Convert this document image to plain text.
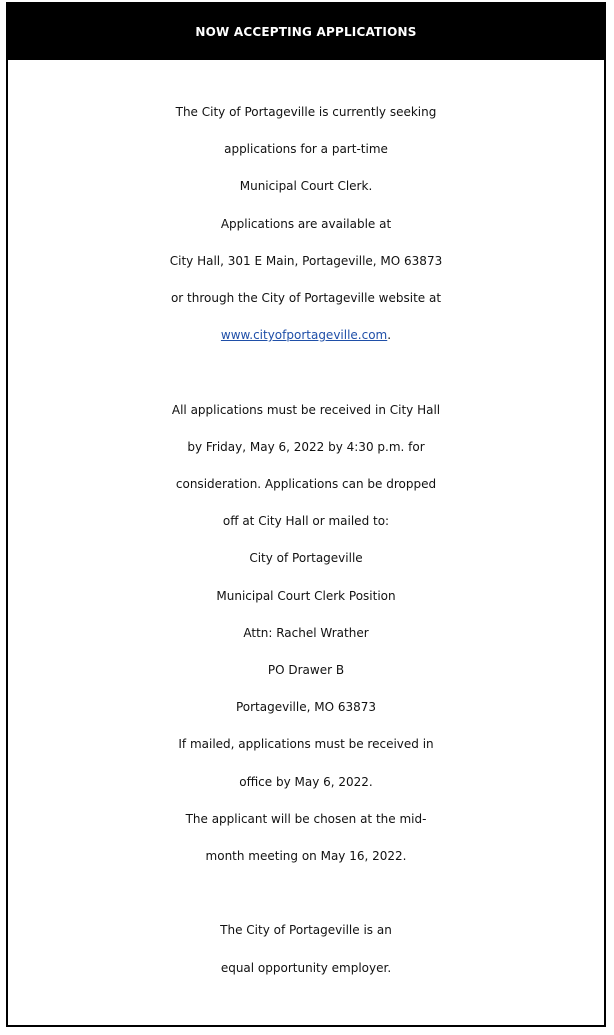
NOW ACCEPTING APPLICATIONS
The City of Portageville is currently seeking
applications for a part-time
Municipal Court Clerk.
Applications are available at
City Hall, 301 E Main, Portageville, MO 63873
or through the City of Portageville website at
www.cityofportageville.com.
All applications must be received in City Hall
by Friday, May 6, 2022 by 4:30 p.m. for
consideration. Applications can be dropped
off at City Hall or mailed to:
City of Portageville
Municipal Court Clerk Position
Attn: Rachel Wrather
PO Drawer B
Portageville, MO 63873
If mailed, applications must be received in
office by May 6, 2022.
The applicant will be chosen at the mid-
month meeting on May 16, 2022.
The City of Portageville is an
equal opportunity employer.
